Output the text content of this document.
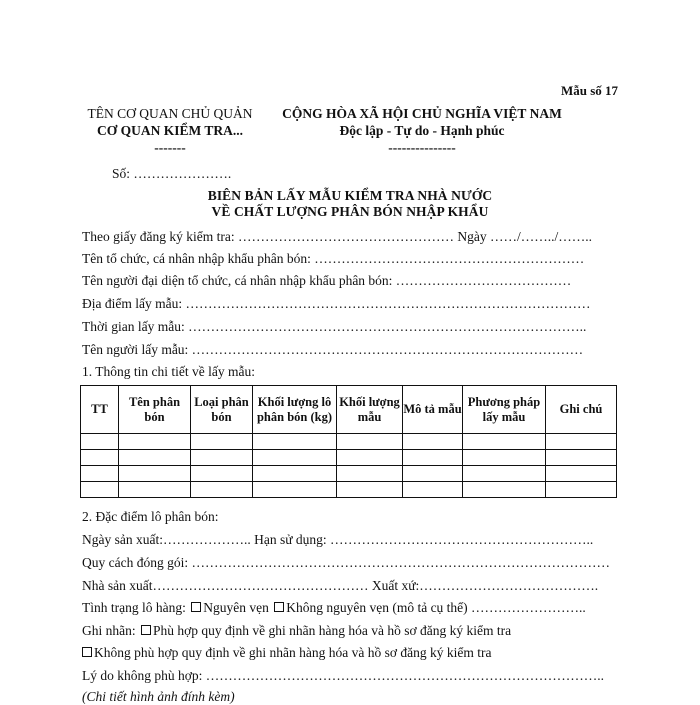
Mẫu số 17
TÊN CƠ QUAN CHỦ QUẢN
CƠ QUAN KIỂM TRA...
-------
CỘNG HÒA XÃ HỘI CHỦ NGHĨA VIỆT NAM
Độc lập - Tự do - Hạnh phúc
---------------
Số: ………………….
BIÊN BẢN LẤY MẪU KIỂM TRA NHÀ NƯỚC
VỀ CHẤT LƯỢNG PHÂN BÓN NHẬP KHẨU
Theo giấy đăng ký kiểm tra: ………………………………………… Ngày ……/……../……..
Tên tổ chức, cá nhân nhập khẩu phân bón: ……………………………………………………
Tên người đại diện tổ chức, cá nhân nhập khẩu phân bón: …………………………………
Địa điểm lấy mẫu: ………………………………………………………………………………
Thời gian lấy mẫu: ……………………………………………………………………………..
Tên người lấy mẫu: ……………………………………………………………………………
1. Thông tin chi tiết về lấy mẫu:
TT	Tên phân bón	Loại phân bón	Khối lượng lô phân bón (kg)	Khối lượng mẫu	Mô tả mẫu	Phương pháp lấy mẫu	Ghi chú

2. Đặc điểm lô phân bón:
Ngày sản xuất:……………….. Hạn sử dụng: …………………………………………………..
Quy cách đóng gói: …………………………………………………………………………………
Nhà sản xuất………………………………………… Xuất xứ:………………………………….
Tình trạng lô hàng: Nguyên vẹn Không nguyên vẹn (mô tả cụ thể) ……………………..
Ghi nhãn: Phù hợp quy định về ghi nhãn hàng hóa và hồ sơ đăng ký kiểm tra
Không phù hợp quy định về ghi nhãn hàng hóa và hồ sơ đăng ký kiểm tra
Lý do không phù hợp: ……………………………………………………………………………..
(Chi tiết hình ảnh đính kèm)
